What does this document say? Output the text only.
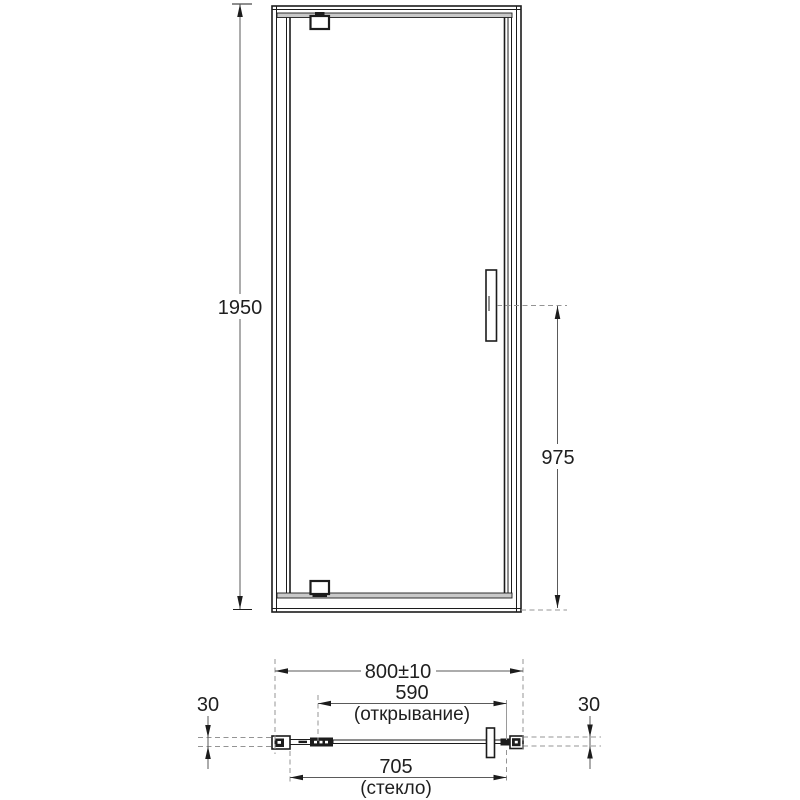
1950
975
800±10
590
(открывание)
30	30
705
(стекло)
